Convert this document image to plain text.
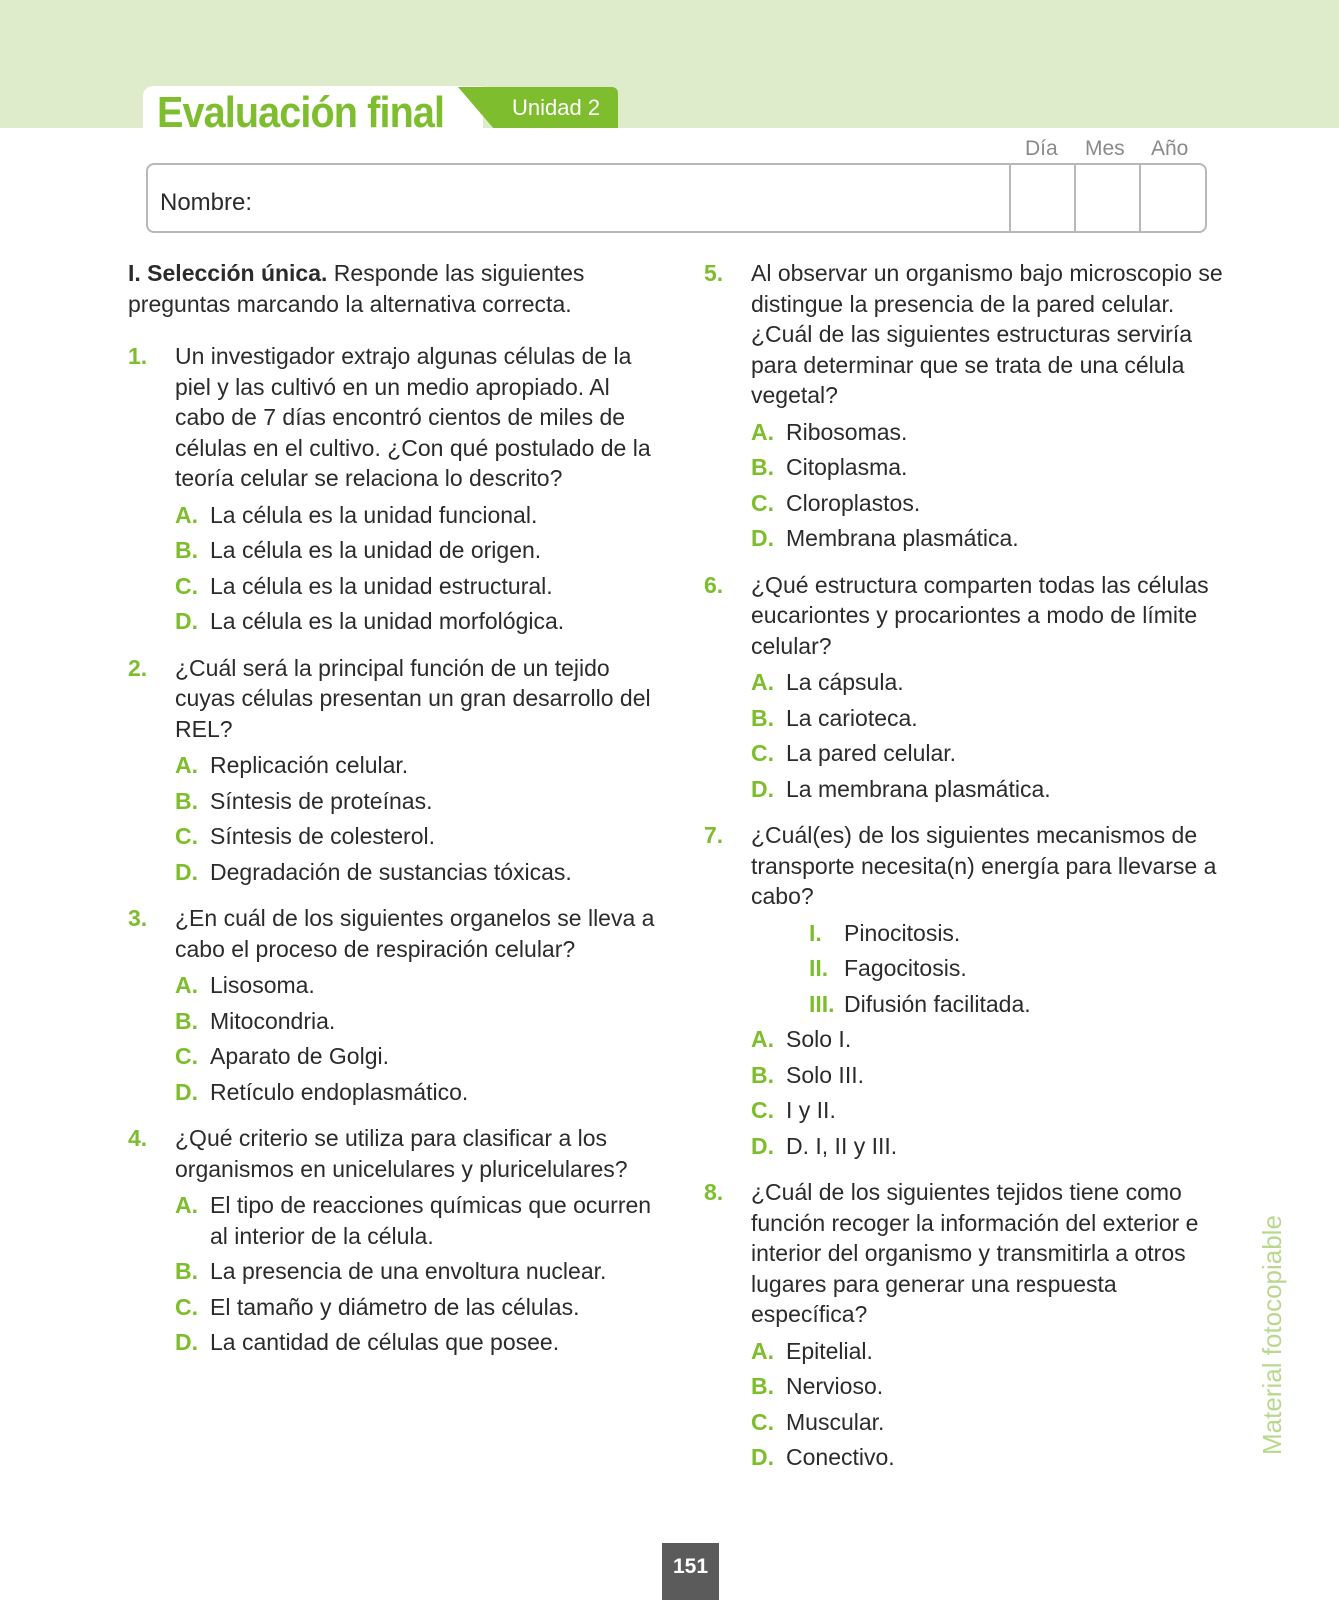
Evaluación final	Unidad 2
Día Mes Año
Nombre:

I. Selección única. Responde las siguientes preguntas marcando la alternativa correcta.

1. Un investigador extrajo algunas células de la piel y las cultivó en un medio apropiado. Al cabo de 7 días encontró cientos de miles de células en el cultivo. ¿Con qué postulado de la teoría celular se relaciona lo descrito?
A. La célula es la unidad funcional.
B. La célula es la unidad de origen.
C. La célula es la unidad estructural.
D. La célula es la unidad morfológica.
2. ¿Cuál será la principal función de un tejido cuyas células presentan un gran desarrollo del REL?
A. Replicación celular.
B. Síntesis de proteínas.
C. Síntesis de colesterol.
D. Degradación de sustancias tóxicas.
3. ¿En cuál de los siguientes organelos se lleva a cabo el proceso de respiración celular?
A. Lisosoma.
B. Mitocondria.
C. Aparato de Golgi.
D. Retículo endoplasmático.
4. ¿Qué criterio se utiliza para clasificar a los organismos en unicelulares y pluricelulares?
A. El tipo de reacciones químicas que ocurren al interior de la célula.
B. La presencia de una envoltura nuclear.
C. El tamaño y diámetro de las células.
D. La cantidad de células que posee.
5. Al observar un organismo bajo microscopio se distingue la presencia de la pared celular. ¿Cuál de las siguientes estructuras serviría para determinar que se trata de una célula vegetal?
A. Ribosomas.
B. Citoplasma.
C. Cloroplastos.
D. Membrana plasmática.
6. ¿Qué estructura comparten todas las células eucariontes y procariontes a modo de límite celular?
A. La cápsula.
B. La carioteca.
C. La pared celular.
D. La membrana plasmática.
7. ¿Cuál(es) de los siguientes mecanismos de transporte necesita(n) energía para llevarse a cabo?
I. Pinocitosis.
II. Fagocitosis.
III. Difusión facilitada.
A. Solo I.
B. Solo III.
C. I y II.
D. D. I, II y III.
8. ¿Cuál de los siguientes tejidos tiene como función recoger la información del exterior e interior del organismo y transmitirla a otros lugares para generar una respuesta específica?
A. Epitelial.
B. Nervioso.
C. Muscular.
D. Conectivo.
Material fotocopiable
151
